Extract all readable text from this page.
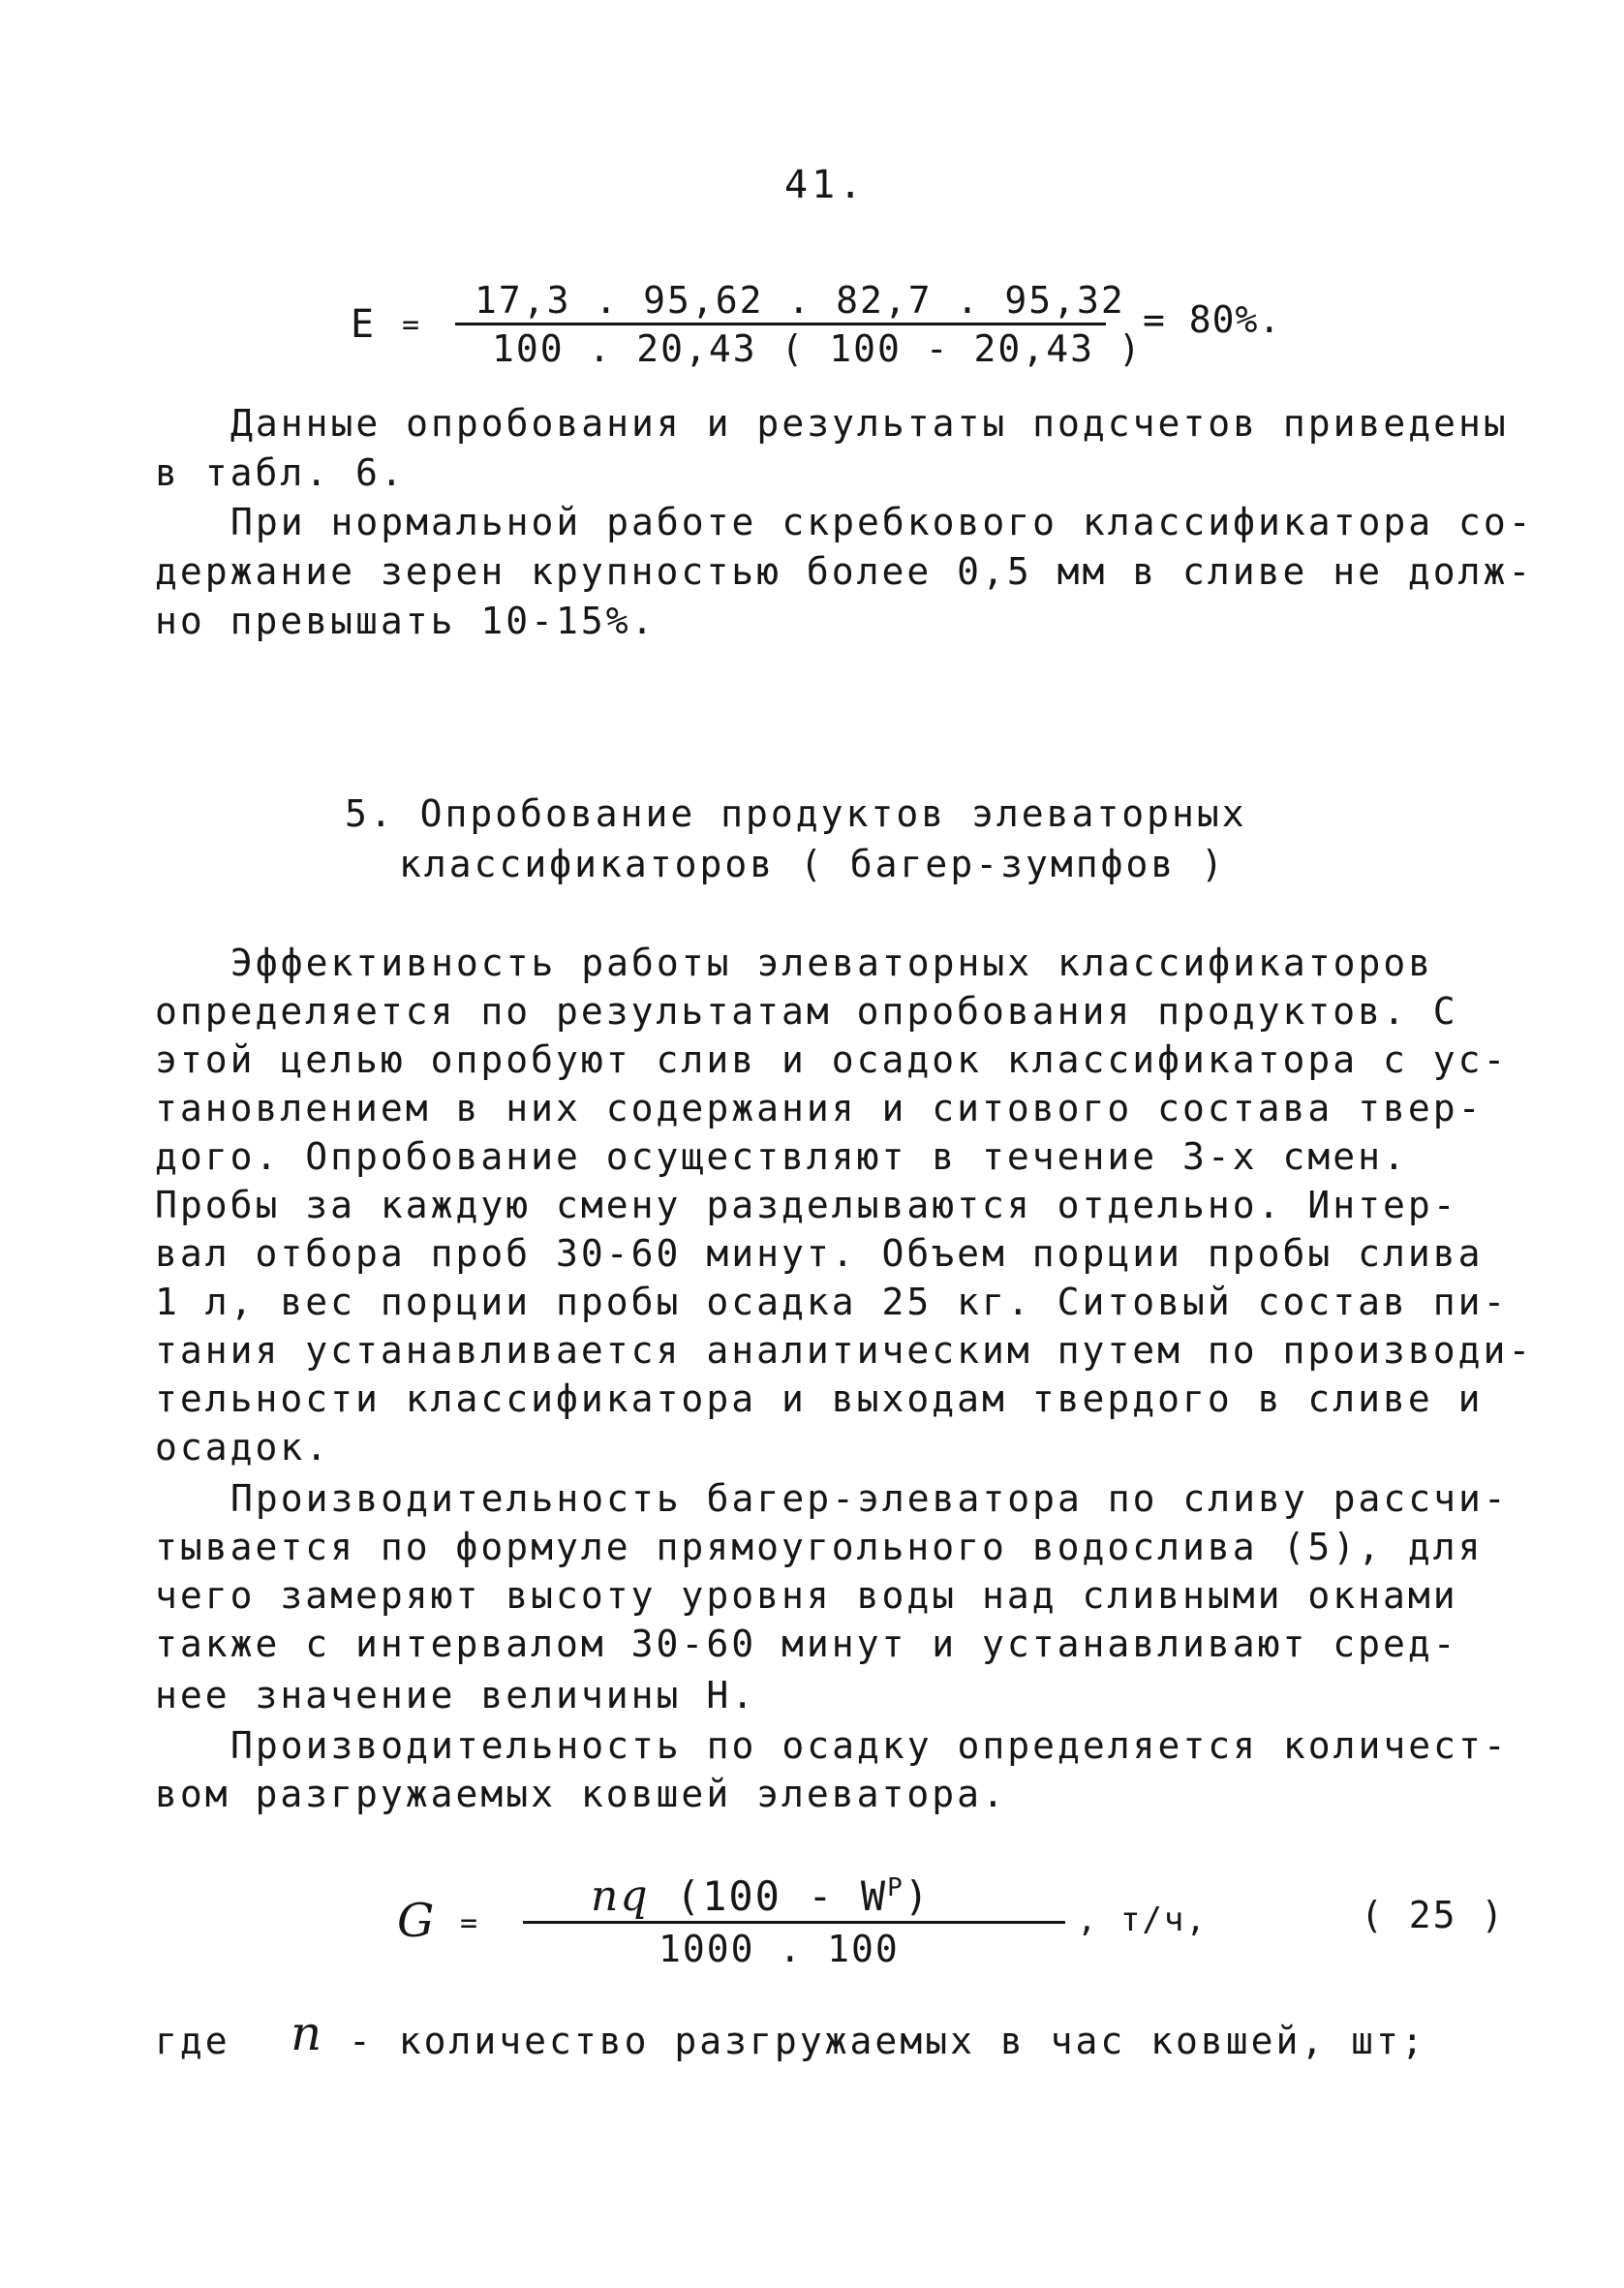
41.
E =
17,3 . 95,62 . 82,7 . 95,32
100 . 20,43 ( 100 - 20,43 )
= 80%.
Данные опробования и результаты подсчетов приведены
в табл. 6.
При нормальной работе скребкового классификатора со-
держание зерен крупностью более 0,5 мм в сливе не долж-
но превышать 10-15%.
5. Опробование продуктов элеваторных
классификаторов ( багер-зумпфов )
Эффективность работы элеваторных классификаторов
определяется по результатам опробования продуктов. С
этой целью опробуют слив и осадок классификатора с ус-
тановлением в них содержания и ситового состава твер-
дого. Опробование осуществляют в течение 3-х смен.
Пробы за каждую смену разделываются отдельно. Интер-
вал отбора проб 30-60 минут. Объем порции пробы слива
1 л, вес порции пробы осадка 25 кг. Ситовый состав пи-
тания устанавливается аналитическим путем по производи-
тельности классификатора и выходам твердого в сливе и
осадок.
Производительность багер-элеватора по сливу рассчи-
тывается по формуле прямоугольного водослива (5), для
чего замеряют высоту уровня воды над сливными окнами
также с интервалом 30-60 минут и устанавливают сред-
нее значение величины Н.
Производительность по осадку определяется количест-
вом разгружаемых ковшей элеватора.
G =
nq $(100 - W^P)$
1000 . 100
, т/ч,	( 25 )
где n - количество разгружаемых в час ковшей, шт;
